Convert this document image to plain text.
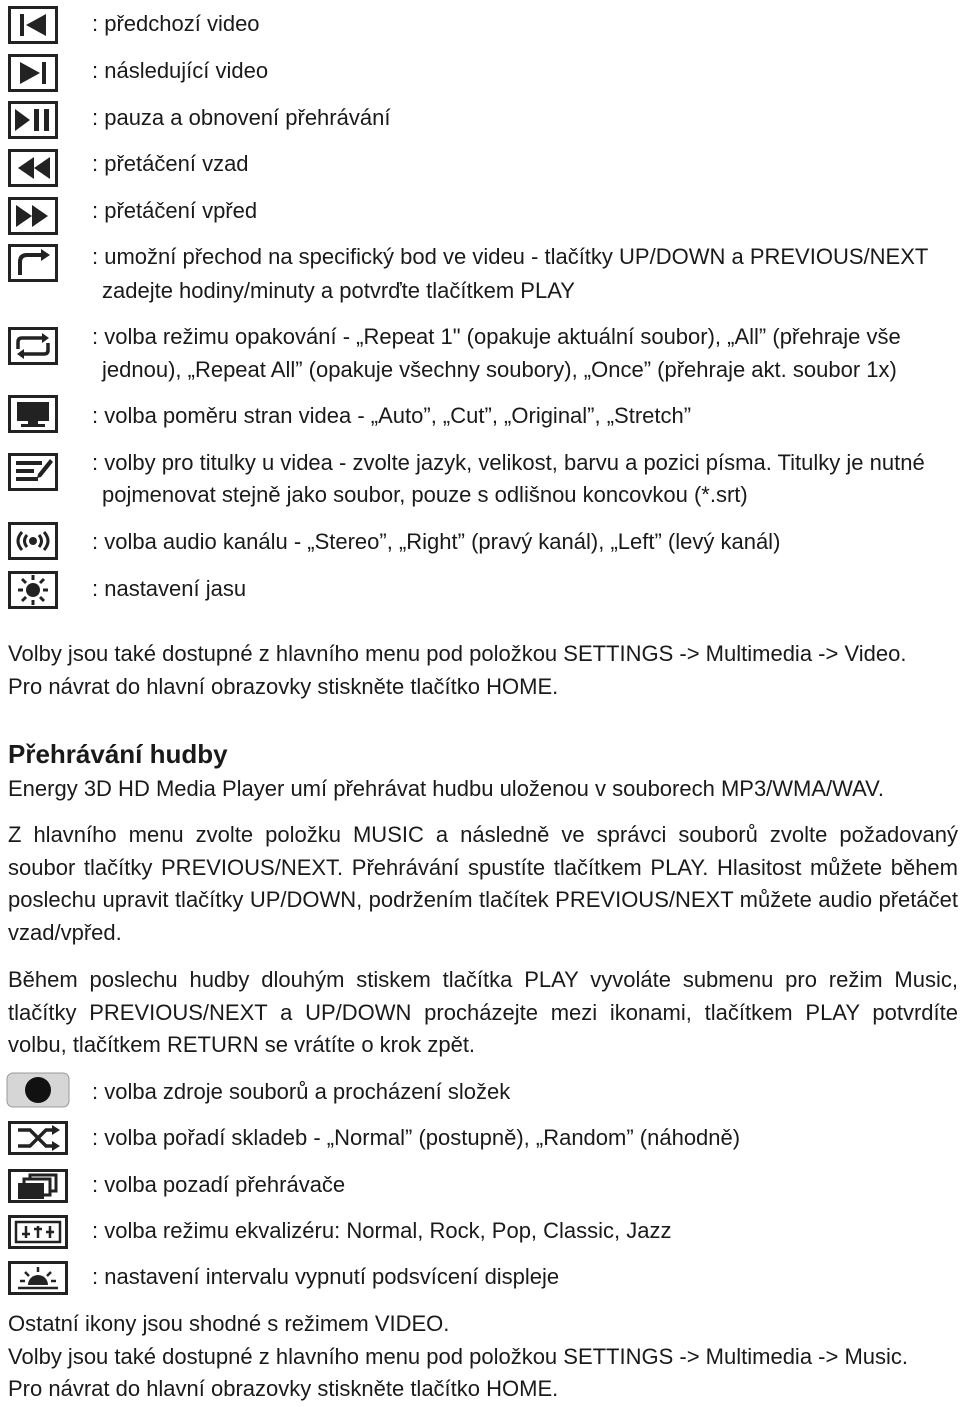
: předchozí video
: následující video
: pauza a obnovení přehrávání
: přetáčení vzad
: přetáčení vpřed
: umožní přechod na specifický bod ve videu - tlačítky UP/DOWN a PREVIOUS/NEXT
zadejte hodiny/minuty a potvrďte tlačítkem PLAY
: volba režimu opakování - „Repeat 1" (opakuje aktuální soubor), „All” (přehraje vše
jednou), „Repeat All” (opakuje všechny soubory), „Once” (přehraje akt. soubor 1x)
: volba poměru stran videa - „Auto”, „Cut”, „Original”, „Stretch”
: volby pro titulky u videa - zvolte jazyk, velikost, barvu a pozici písma. Titulky je nutné
pojmenovat stejně jako soubor, pouze s odlišnou koncovkou (*.srt)
: volba audio kanálu - „Stereo”, „Right” (pravý kanál), „Left” (levý kanál)
: nastavení jasu
Volby jsou také dostupné z hlavního menu pod položkou SETTINGS -> Multimedia -> Video.
Pro návrat do hlavní obrazovky stiskněte tlačítko HOME.
Přehrávání hudby
Energy 3D HD Media Player umí přehrávat hudbu uloženou v souborech MP3/WMA/WAV.
Z hlavního menu zvolte položku MUSIC a následně ve správci souborů zvolte požadovaný soubor tlačítky PREVIOUS/NEXT. Přehrávání spustíte tlačítkem PLAY. Hlasitost můžete během poslechu upravit tlačítky UP/DOWN, podržením tlačítek PREVIOUS/NEXT můžete audio přetáčet vzad/vpřed.
Během poslechu hudby dlouhým stiskem tlačítka PLAY vyvoláte submenu pro režim Music, tlačítky PREVIOUS/NEXT a UP/DOWN procházejte mezi ikonami, tlačítkem PLAY potvrdíte volbu, tlačítkem RETURN se vrátíte o krok zpět.
: volba zdroje souborů a procházení složek
: volba pořadí skladeb - „Normal” (postupně), „Random” (náhodně)
: volba pozadí přehrávače
: volba režimu ekvalizéru: Normal, Rock, Pop, Classic, Jazz
: nastavení intervalu vypnutí podsvícení displeje
Ostatní ikony jsou shodné s režimem VIDEO.
Volby jsou také dostupné z hlavního menu pod položkou SETTINGS -> Multimedia -> Music.
Pro návrat do hlavní obrazovky stiskněte tlačítko HOME.
